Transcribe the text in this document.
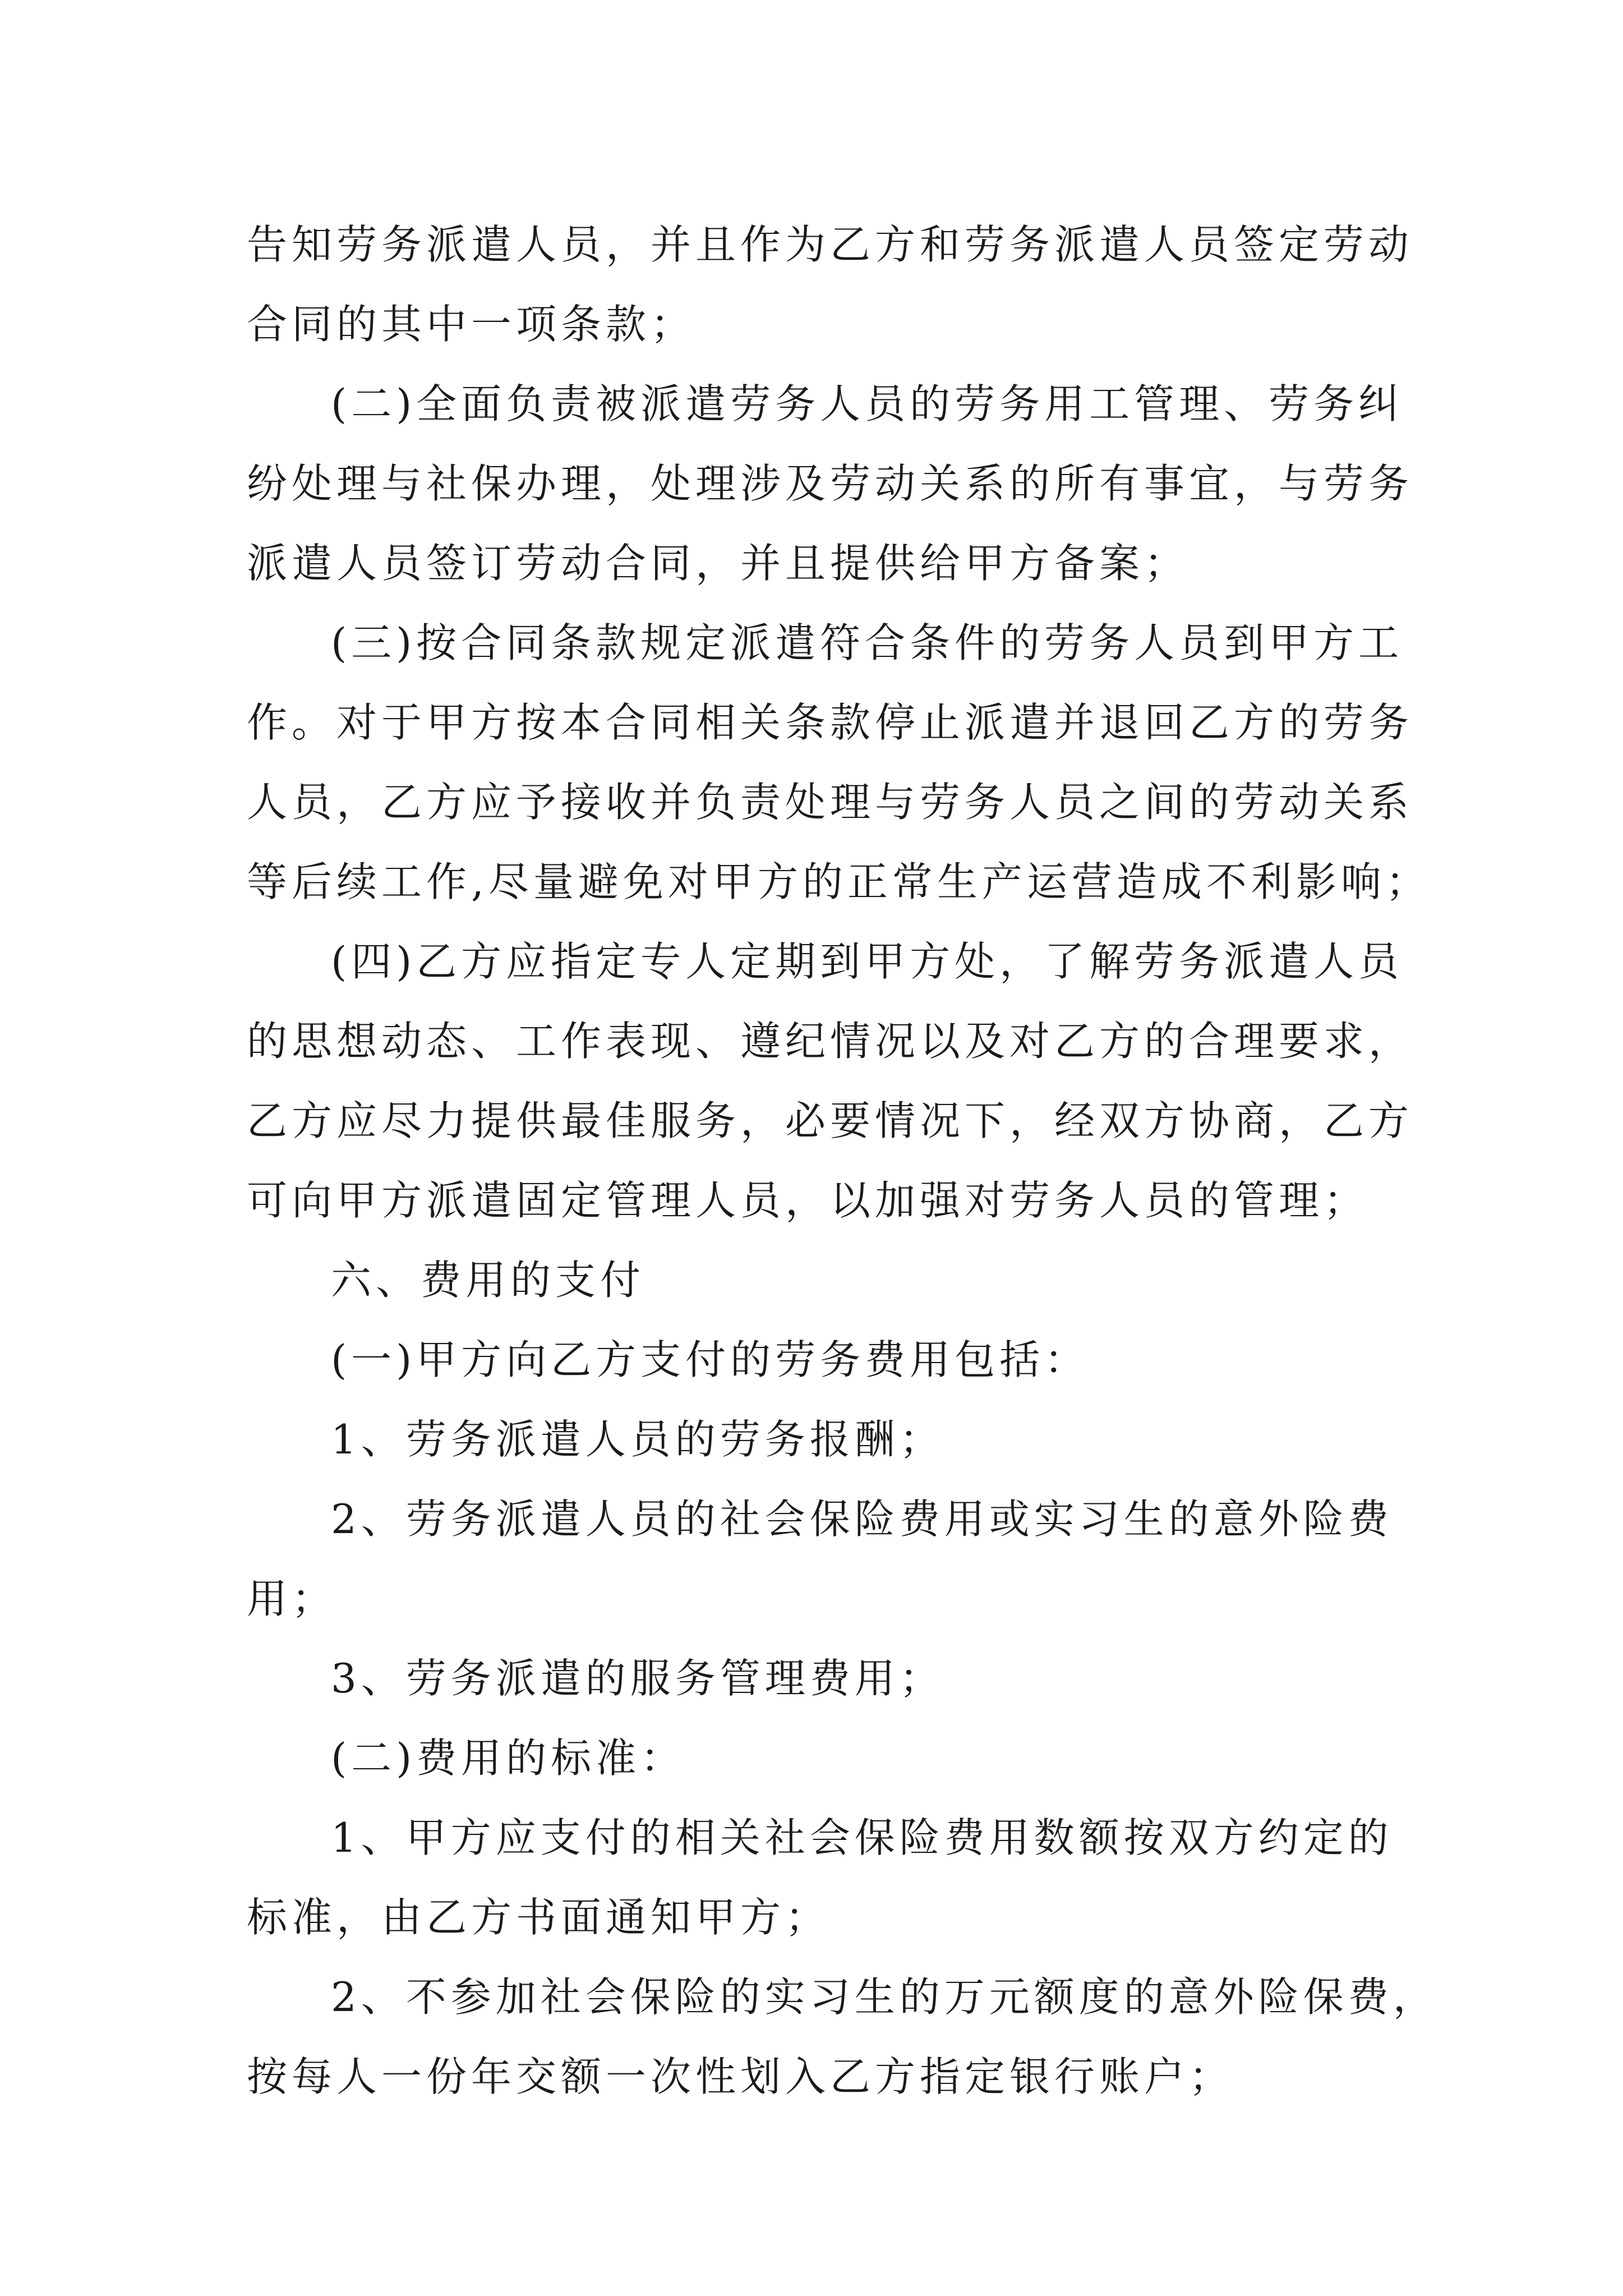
告知劳务派遣人员，并且作为乙方和劳务派遣人员签定劳动
合同的其中一项条款；
(二)全面负责被派遣劳务人员的劳务用工管理、劳务纠
纷处理与社保办理，处理涉及劳动关系的所有事宜，与劳务
派遣人员签订劳动合同，并且提供给甲方备案；
(三)按合同条款规定派遣符合条件的劳务人员到甲方工
作。对于甲方按本合同相关条款停止派遣并退回乙方的劳务
人员，乙方应予接收并负责处理与劳务人员之间的劳动关系
等后续工作,尽量避免对甲方的正常生产运营造成不利影响；
(四)乙方应指定专人定期到甲方处，了解劳务派遣人员
的思想动态、工作表现、遵纪情况以及对乙方的合理要求，
乙方应尽力提供最佳服务，必要情况下，经双方协商，乙方
可向甲方派遣固定管理人员，以加强对劳务人员的管理；
六、费用的支付
(一)甲方向乙方支付的劳务费用包括：
1、劳务派遣人员的劳务报酬；
2、劳务派遣人员的社会保险费用或实习生的意外险费
用；
3、劳务派遣的服务管理费用；
(二)费用的标准：
1、甲方应支付的相关社会保险费用数额按双方约定的
标准，由乙方书面通知甲方；
2、不参加社会保险的实习生的万元额度的意外险保费，
按每人一份年交额一次性划入乙方指定银行账户；
